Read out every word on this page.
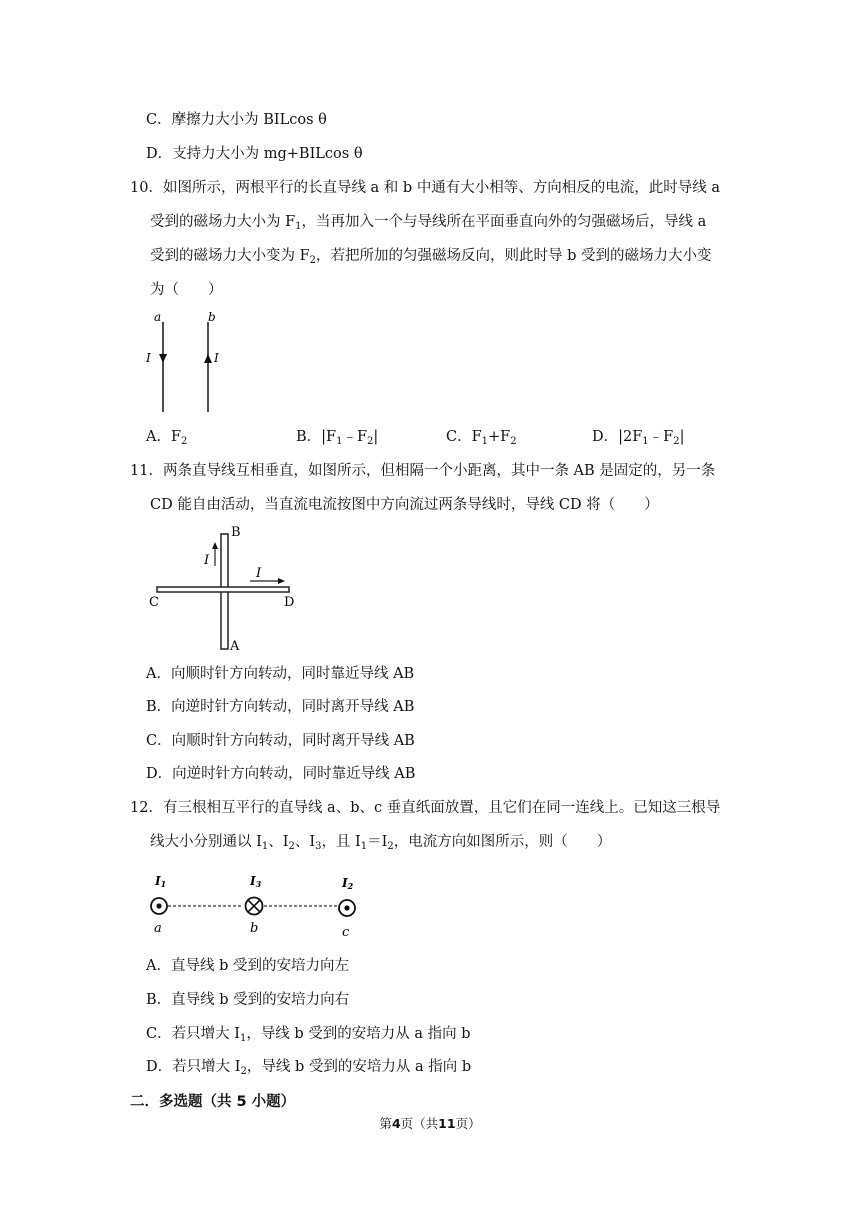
C．摩擦力大小为 BILcos θ
D．支持力大小为 mg+BILcos θ
10．如图所示，两根平行的长直导线 a 和 b 中通有大小相等、方向相反的电流，此时导线 a
受到的磁场力大小为 $F_1$，当再加入一个与导线所在平面垂直向外的匀强磁场后，导线 a
受到的磁场力大小变为 $F_2$，若把所加的匀强磁场反向，则此时导 b 受到的磁场力大小变
为（　　）
a	b
I	I
A．$F_2$	B．$|F_1﹣F_2|$	C．$F_1+F_2$	D．$|2F_1﹣F_2|$
11．两条直导线互相垂直，如图所示，但相隔一个小距离，其中一条 AB 是固定的，另一条
CD 能自由活动，当直流电流按图中方向流过两条导线时，导线 CD 将（　　）
B
A
C	D
I
I
A．向顺时针方向转动，同时靠近导线 AB
B．向逆时针方向转动，同时离开导线 AB
C．向顺时针方向转动，同时离开导线 AB
D．向逆时针方向转动，同时靠近导线 AB
12．有三根相互平行的直导线 a、b、c 垂直纸面放置，且它们在同一连线上。已知这三根导
线大小分别通以 $I_1$、$I_2$、$I_3$，且 $I_1=I_2$，电流方向如图所示，则（　　）
I1	I3	I2
a	b	c
A．直导线 b 受到的安培力向左
B．直导线 b 受到的安培力向右
C．若只增大 $I_1$，导线 b 受到的安培力从 a 指向 b
D．若只增大 $I_2$，导线 b 受到的安培力从 a 指向 b
二．多选题（共 5 小题）
第4页（共11页）
